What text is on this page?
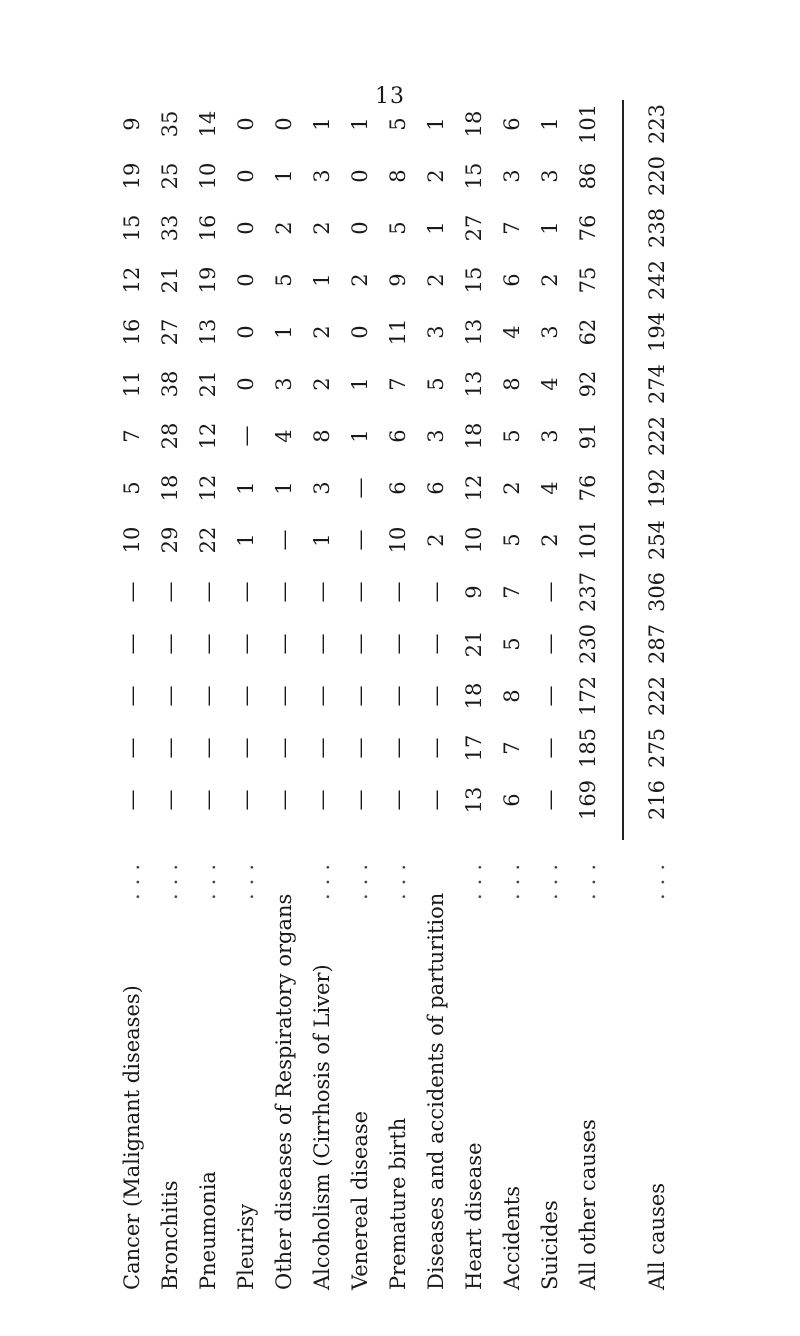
13
Cancer (Malignant diseases)
...
—
—
—
—
—
10
5
7
11
16
12
15
19
9
Bronchitis
...
—
—
—
—
—
29
18
28
38
27
21
33
25
35
Pneumonia
...
—
—
—
—
—
22
12
12
21
13
19
16
10
14
Pleurisy
...
—
—
—
—
—
1
1
—
0
0
0
0
0
0
Other diseases of Respiratory organs
—
—
—
—
—
—
1
4
3
1
5
2
1
0
Alcoholism (Cirrhosis of Liver)
...
—
—
—
—
—
1
3
8
2
2
1
2
3
1
Venereal disease
...
—
—
—
—
—
—
—
1
1
0
2
0
0
1
Premature birth
...
—
—
—
—
—
10
6
6
7
11
9
5
8
5
Diseases and accidents of parturition
—
—
—
—
—
2
6
3
5
3
2
1
2
1
Heart disease
...
13
17
18
21
9
10
12
18
13
13
15
27
15
18
Accidents
...
6
7
8
5
7
5
2
5
8
4
6
7
3
6
Suicides
...
—
—
—
—
—
2
4
3
4
3
2
1
3
1
All other causes
...
169
185
172
230
237
101
76
91
92
62
75
76
86
101
All causes
...
216
275
222
287
306
254
192
222
274
194
242
238
220
223
